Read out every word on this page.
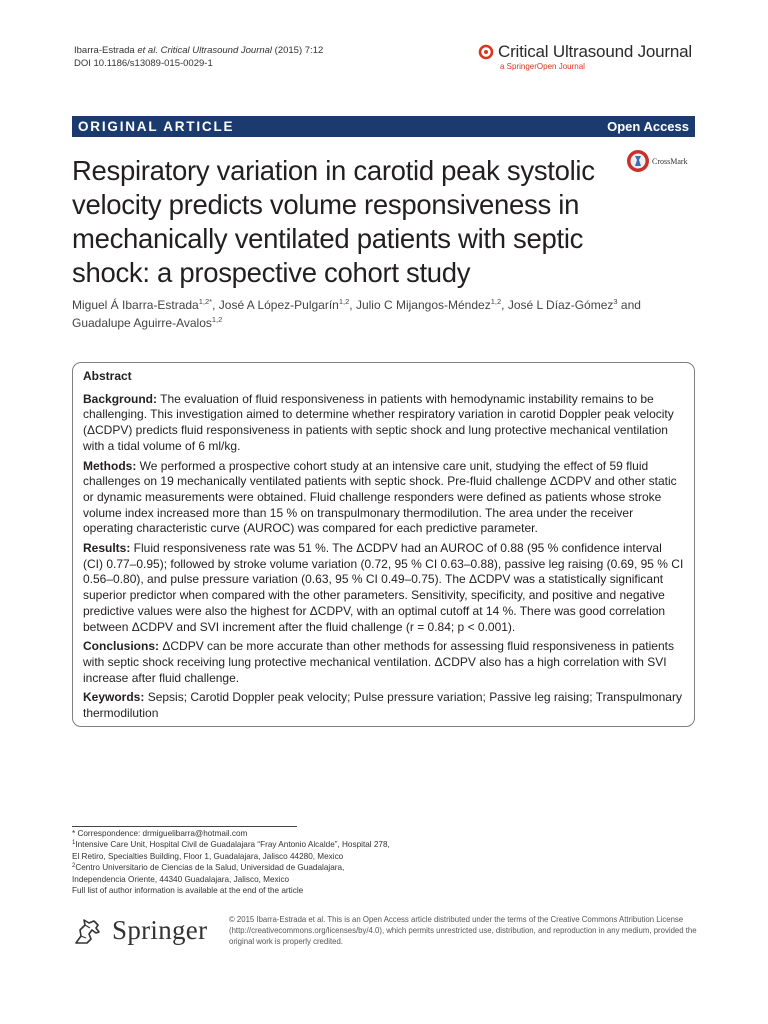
Ibarra-Estrada et al. Critical Ultrasound Journal (2015) 7:12
DOI 10.1186/s13089-015-0029-1
Critical Ultrasound Journal
a SpringerOpen Journal
ORIGINAL ARTICLE	Open Access
Respiratory variation in carotid peak systolic velocity predicts volume responsiveness in mechanically ventilated patients with septic shock: a prospective cohort study
CrossMark
Miguel Á Ibarra-Estrada$^{1,2*}$, José A López-Pulgarín$^{1,2}$, Julio C Mijangos-Méndez$^{1,2}$, José L Díaz-Gómez$^3$ and
Guadalupe Aguirre-Avalos$^{1,2}$
Abstract

Background: The evaluation of fluid responsiveness in patients with hemodynamic instability remains to be challenging. This investigation aimed to determine whether respiratory variation in carotid Doppler peak velocity (ΔCDPV) predicts fluid responsiveness in patients with septic shock and lung protective mechanical ventilation with a tidal volume of 6 ml/kg.

Methods: We performed a prospective cohort study at an intensive care unit, studying the effect of 59 fluid challenges on 19 mechanically ventilated patients with septic shock. Pre-fluid challenge ΔCDPV and other static or dynamic measurements were obtained. Fluid challenge responders were defined as patients whose stroke volume index increased more than 15 % on transpulmonary thermodilution. The area under the receiver operating characteristic curve (AUROC) was compared for each predictive parameter.

Results: Fluid responsiveness rate was 51 %. The ΔCDPV had an AUROC of 0.88 (95 % confidence interval (CI) 0.77–0.95); followed by stroke volume variation (0.72, 95 % CI 0.63–0.88), passive leg raising (0.69, 95 % CI 0.56–0.80), and pulse pressure variation (0.63, 95 % CI 0.49–0.75). The ΔCDPV was a statistically significant superior predictor when compared with the other parameters. Sensitivity, specificity, and positive and negative predictive values were also the highest for ΔCDPV, with an optimal cutoff at 14 %. There was good correlation between ΔCDPV and SVI increment after the fluid challenge (r = 0.84; p < 0.001).

Conclusions: ΔCDPV can be more accurate than other methods for assessing fluid responsiveness in patients with septic shock receiving lung protective mechanical ventilation. ΔCDPV also has a high correlation with SVI increase after fluid challenge.

Keywords: Sepsis; Carotid Doppler peak velocity; Pulse pressure variation; Passive leg raising; Transpulmonary thermodilution

* Correspondence: drmiguelibarra@hotmail.com

$^1$Intensive Care Unit, Hospital Civil de Guadalajara “Fray Antonio Alcalde”, Hospital 278, El Retiro, Specialties Building, Floor 1, Guadalajara, Jalisco 44280, Mexico

$^2$Centro Universitario de Ciencias de la Salud, Universidad de Guadalajara, Independencia Oriente, 44340 Guadalajara, Jalisco, Mexico

Full list of author information is available at the end of the article

Springer	© 2015 Ibarra-Estrada et al. This is an Open Access article distributed under the terms of the Creative Commons Attribution License (http://creativecommons.org/licenses/by/4.0), which permits unrestricted use, distribution, and reproduction in any medium, provided the original work is properly credited.
